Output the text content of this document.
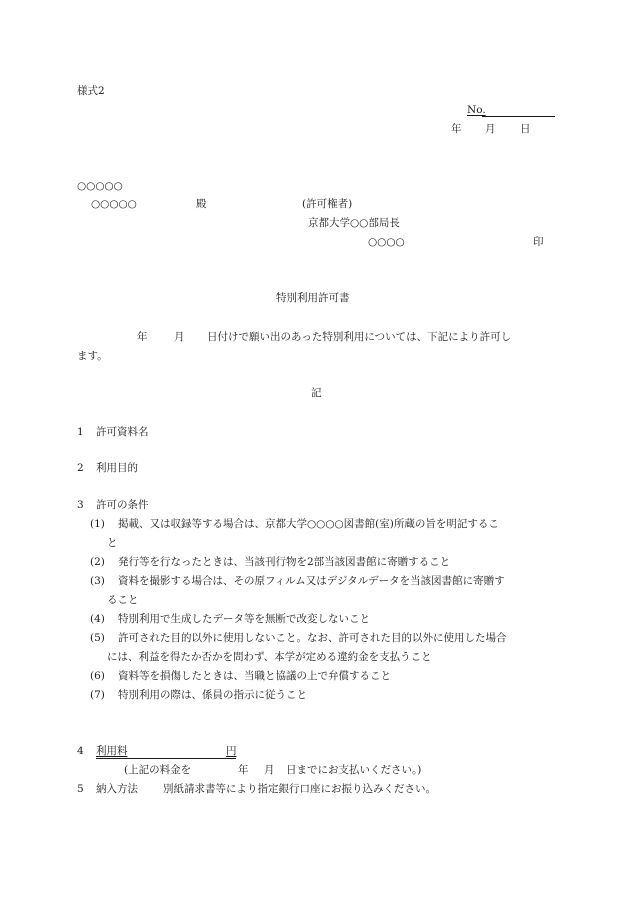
様式2
No.
年 月 日
○○○○○
○○○○○	殿	(許可権者)
京都大学○○部局長
○○○○	印
特別利用許可書
年	月 日付けで願い出のあった特別利用については、下記により許可し
ます。
記
1 許可資料名
2 利用目的
3 許可の条件
(1) 掲載、又は収録等する場合は、京都大学○○○○図書館(室)所蔵の旨を明記するこ
と
(2) 発行等を行なったときは、当該刊行物を2部当該図書館に寄贈すること
(3) 資料を撮影する場合は、その原フィルム又はデジタルデータを当該図書館に寄贈す
ること
(4) 特別利用で生成したデータ等を無断で改変しないこと
(5) 許可された目的以外に使用しないこと。なお、許可された目的以外に使用した場合
には、利益を得たか否かを問わず、本学が定める違約金を支払うこと
(6) 資料等を損傷したときは、当職と協議の上で弁償すること
(7) 特別利用の際は、係員の指示に従うこと
4 利用料	円
(上記の料金を	年 月 日までにお支払いください。)
5 納入方法 別紙請求書等により指定銀行口座にお振り込みください。
